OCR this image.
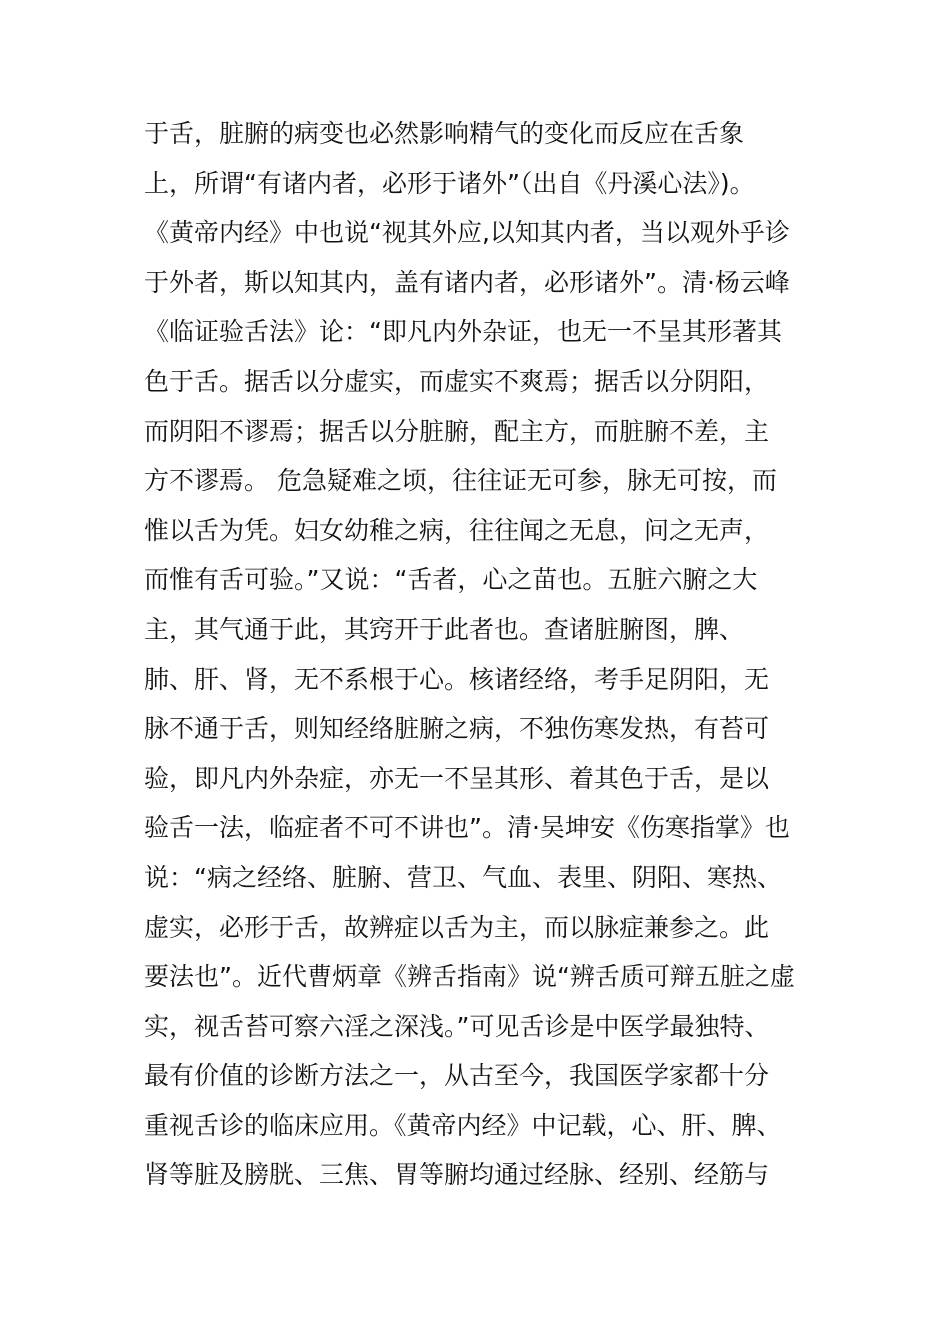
于舌，脏腑的病变也必然影响精气的变化而反应在舌象
上，所谓“有诸内者，必形于诸外”（出自《丹溪心法》)。
《黄帝内经》中也说“视其外应,以知其内者，当以观外乎诊
于外者，斯以知其内，盖有诸内者，必形诸外”。清·杨云峰
《临证验舌法》论：“即凡内外杂证，也无一不呈其形著其
色于舌。据舌以分虚实，而虚实不爽焉；据舌以分阴阳，
而阴阳不谬焉；据舌以分脏腑，配主方，而脏腑不差，主
方不谬焉。 危急疑难之顷，往往证无可参，脉无可按，而
惟以舌为凭。妇女幼稚之病，往往闻之无息，问之无声，
而惟有舌可验。”又说：“舌者，心之苗也。五脏六腑之大
主，其气通于此，其窍开于此者也。查诸脏腑图，脾、
肺、肝、肾，无不系根于心。核诸经络，考手足阴阳，无
脉不通于舌，则知经络脏腑之病，不独伤寒发热，有苔可
验，即凡内外杂症，亦无一不呈其形、着其色于舌，是以
验舌一法，临症者不可不讲也”。清·吴坤安《伤寒指掌》也
说：“病之经络、脏腑、营卫、气血、表里、阴阳、寒热、
虚实，必形于舌，故辨症以舌为主，而以脉症兼参之。此
要法也”。近代曹炳章《辨舌指南》说“辨舌质可辩五脏之虚
实，视舌苔可察六淫之深浅。”可见舌诊是中医学最独特、
最有价值的诊断方法之一，从古至今，我国医学家都十分
重视舌诊的临床应用。《黄帝内经》中记载，心、肝、脾、
肾等脏及膀胱、三焦、胃等腑均通过经脉、经别、经筋与
